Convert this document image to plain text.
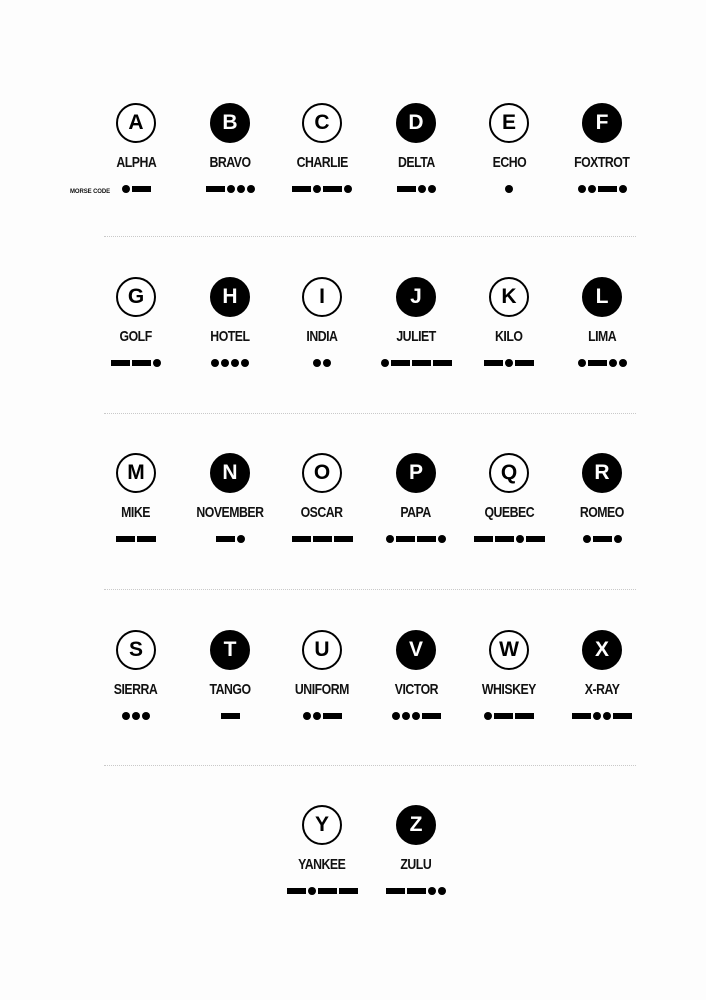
MORSE CODE
A
ALPHA
B
BRAVO
C
CHARLIE
D
DELTA
E
ECHO
F
FOXTROT
G
GOLF
H
HOTEL
I
INDIA
J
JULIET
K
KILO
L
LIMA
M
MIKE
N
NOVEMBER
O
OSCAR
P
PAPA
Q
QUEBEC
R
ROMEO
S
SIERRA
T
TANGO
U
UNIFORM
V
VICTOR
W
WHISKEY
X
X-RAY
Y
YANKEE
Z
ZULU
